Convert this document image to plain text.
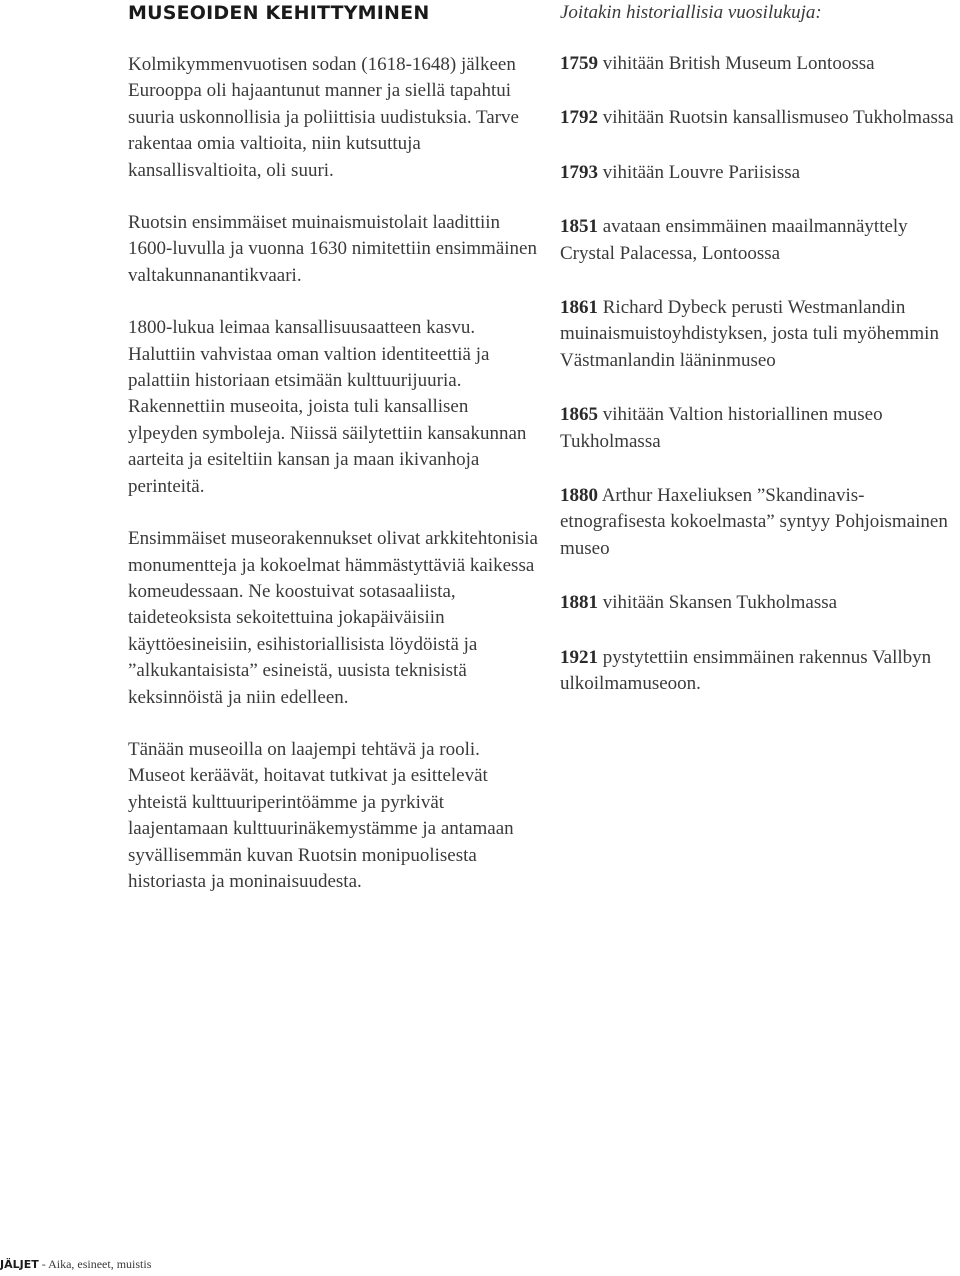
MUSEOIDEN KEHITTYMINEN

Kolmikymmenvuotisen sodan (1618-1648) jälkeen Eurooppa oli hajaantunut manner ja siellä tapahtui suuria uskonnollisia ja poliittisia uudistuksia. Tarve rakentaa omia valtioita, niin kutsuttuja kansallisvaltioita, oli suuri.

Ruotsin ensimmäiset muinaismuistolait laadittiin 1600-luvulla ja vuonna 1630 nimitettiin ensimmäinen valtakunnanantikvaari.

1800-lukua leimaa kansallisuusaatteen kasvu. Haluttiin vahvistaa oman valtion identiteettiä ja palattiin historiaan etsimään kulttuurijuuria. Rakennettiin museoita, joista tuli kansallisen ylpeyden symboleja. Niissä säilytettiin kansakunnan aarteita ja esiteltiin kansan ja maan ikivanhoja perinteitä.

Ensimmäiset museorakennukset olivat arkkitehtonisia monumentteja ja kokoelmat hämmästyttäviä kaikessa komeudessaan. Ne koostuivat sotasaaliista, taideteoksista sekoitettuina jokapäiväisiin käyttöesineisiin, esihistoriallisista löydöistä ja ”alkukantaisista” esineistä, uusista teknisistä keksinnöistä ja niin edelleen.

Tänään museoilla on laajempi tehtävä ja rooli. Museot keräävät, hoitavat tutkivat ja esittelevät yhteistä kulttuuriperintöämme ja pyrkivät laajentamaan kulttuurinäkemystämme ja antamaan syvällisemmän kuvan Ruotsin monipuolisesta historiasta ja moninaisuudesta.

Joitakin historiallisia vuosilukuja:
1759 vihitään British Museum Lontoossa
1792 vihitään Ruotsin kansallismuseo Tukholmassa
1793 vihitään Louvre Pariisissa
1851 avataan ensimmäinen maailmannäyttely Crystal Palacessa, Lontoossa
1861 Richard Dybeck perusti Westmanlandin muinaismuistoyhdistyksen, josta tuli myöhemmin Västmanlandin lääninmuseo
1865 vihitään Valtion historiallinen museo Tukholmassa
1880 Arthur Haxeliuksen ”Skandinavis-etnografisesta kokoelmasta” syntyy Pohjoismainen museo
1881 vihitään Skansen Tukholmassa
1921 pystytettiin ensimmäinen rakennus Vallbyn ulkoilmamuseoon.
JÄLJET - Aika, esineet, muistis
